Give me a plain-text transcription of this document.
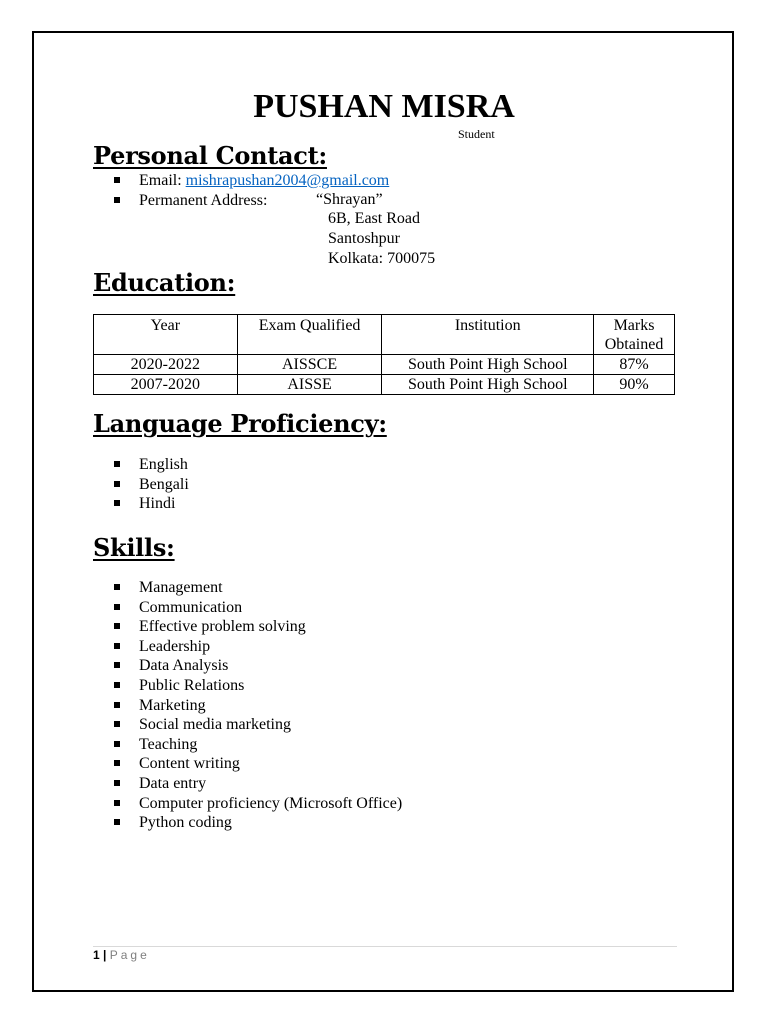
PUSHAN MISRA
Student
Personal Contact:
Email: mishrapushan2004@gmail.com
Permanent Address:	“Shrayan”
6B, East Road
Santoshpur
Kolkata: 700075
Education:
Year	Exam Qualified	Institution	Marks Obtained
2020-2022	AISSCE	South Point High School	87%
2007-2020	AISSE	South Point High School	90%
Language Proficiency:
English
Bengali
Hindi
Skills:
Management
Communication
Effective problem solving
Leadership
Data Analysis
Public Relations
Marketing
Social media marketing
Teaching
Content writing
Data entry
Computer proficiency (Microsoft Office)
Python coding
1 | Page
